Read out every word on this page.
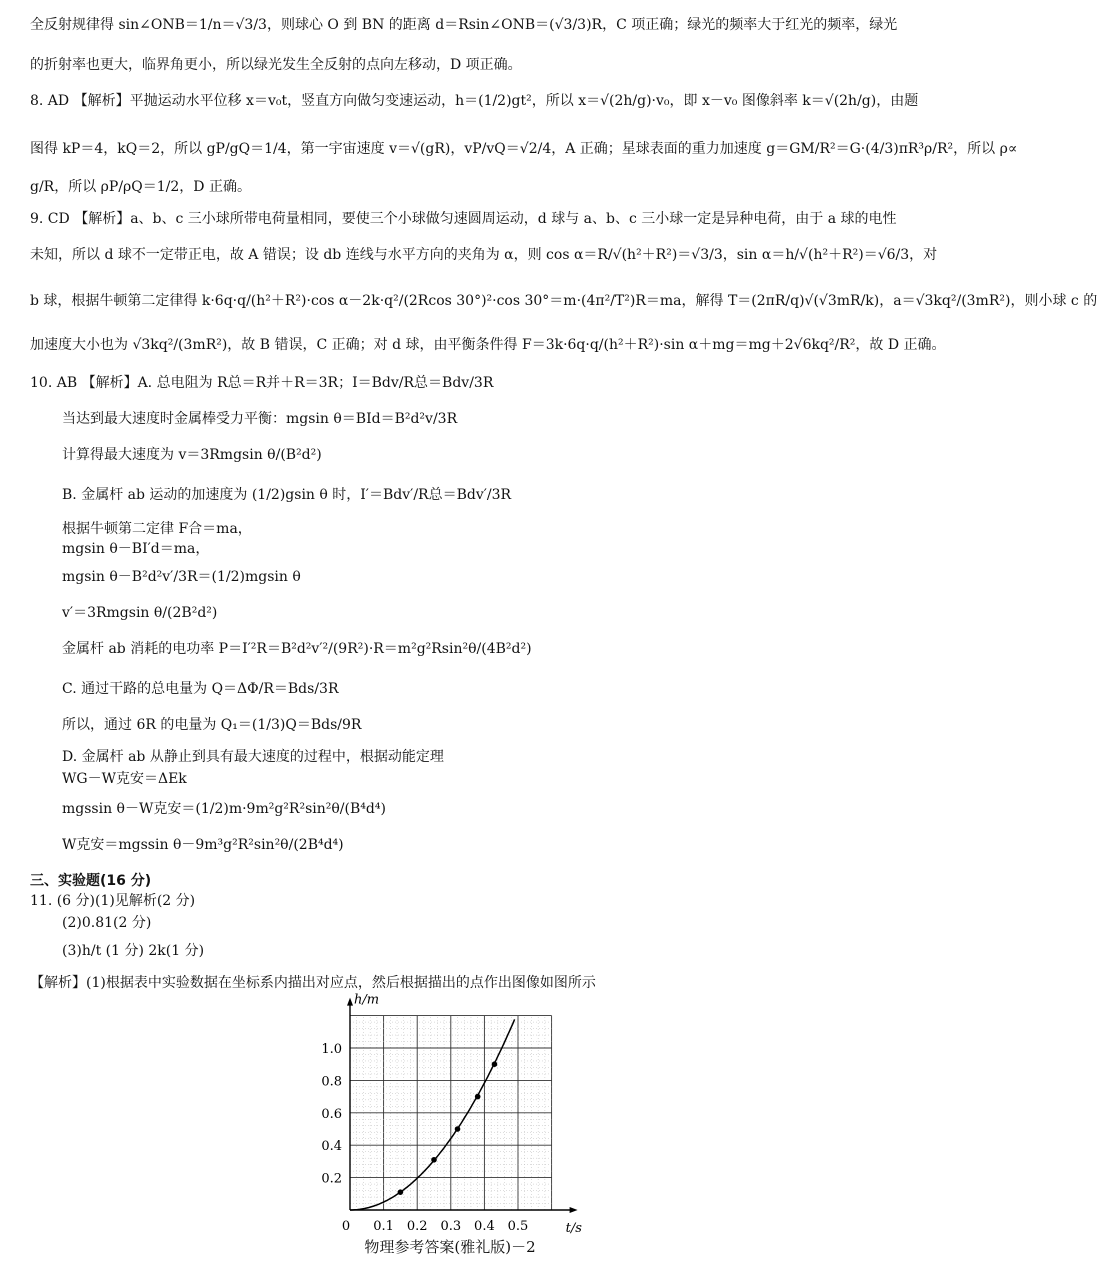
全反射规律得 sin∠ONB＝1/n＝√3/3，则球心 O 到 BN 的距离 d＝Rsin∠ONB＝(√3/3)R，C 项正确；绿光的频率大于红光的频率，绿光
的折射率也更大，临界角更小，所以绿光发生全反射的点向左移动，D 项正确。
8. AD 【解析】平抛运动水平位移 x＝v₀t，竖直方向做匀变速运动，h＝(1/2)gt²，所以 x＝√(2h/g)·v₀，即 x－v₀ 图像斜率 k＝√(2h/g)，由题
图得 kP＝4，kQ＝2，所以 gP/gQ＝1/4，第一宇宙速度 v＝√(gR)，vP/vQ＝√2/4，A 正确；星球表面的重力加速度 g＝GM/R²＝G·(4/3)πR³ρ/R²，所以 ρ∝
g/R，所以 ρP/ρQ＝1/2，D 正确。
9. CD 【解析】a、b、c 三小球所带电荷量相同，要使三个小球做匀速圆周运动，d 球与 a、b、c 三小球一定是异种电荷，由于 a 球的电性
未知，所以 d 球不一定带正电，故 A 错误；设 db 连线与水平方向的夹角为 α，则 cos α＝R/√(h²＋R²)＝√3/3，sin α＝h/√(h²＋R²)＝√6/3，对
b 球，根据牛顿第二定律得 k·6q·q/(h²＋R²)·cos α－2k·q²/(2Rcos 30°)²·cos 30°＝m·(4π²/T²)R＝ma，解得 T＝(2πR/q)√(√3mR/k)，a＝√3kq²/(3mR²)，则小球 c 的
加速度大小也为 √3kq²/(3mR²)，故 B 错误，C 正确；对 d 球，由平衡条件得 F＝3k·6q·q/(h²＋R²)·sin α＋mg＝mg＋2√6kq²/R²，故 D 正确。
10. AB 【解析】A. 总电阻为 R总＝R并＋R＝3R；I＝Bdv/R总＝Bdv/3R
当达到最大速度时金属棒受力平衡：mgsin θ＝BId＝B²d²v/3R
计算得最大速度为 v＝3Rmgsin θ/(B²d²)
B. 金属杆 ab 运动的加速度为 (1/2)gsin θ 时，I′＝Bdv′/R总＝Bdv′/3R
根据牛顿第二定律 F合＝ma，
mgsin θ－BI′d＝ma，
mgsin θ－B²d²v′/3R＝(1/2)mgsin θ
v′＝3Rmgsin θ/(2B²d²)
金属杆 ab 消耗的电功率 P＝I′²R＝B²d²v′²/(9R²)·R＝m²g²Rsin²θ/(4B²d²)
C. 通过干路的总电量为 Q＝ΔΦ/R＝Bds/3R
所以，通过 6R 的电量为 Q₁＝(1/3)Q＝Bds/9R
D. 金属杆 ab 从静止到具有最大速度的过程中，根据动能定理
WG－W克安＝ΔEk
mgssin θ－W克安＝(1/2)m·9m²g²R²sin²θ/(B⁴d⁴)
W克安＝mgssin θ－9m³g²R²sin²θ/(2B⁴d⁴)
三、实验题(16 分)
11. (6 分)(1)见解析(2 分)
(2)0.81(2 分)
(3)h/t (1 分) 2k(1 分)
【解析】(1)根据表中实验数据在坐标系内描出对应点，然后根据描出的点作出图像如图所示
t/s
h/m
0 0.1 0.2 0.3 0.4 0.5
0.2
0.4
0.6
0.8
1.0
物理参考答案(雅礼版)－2
